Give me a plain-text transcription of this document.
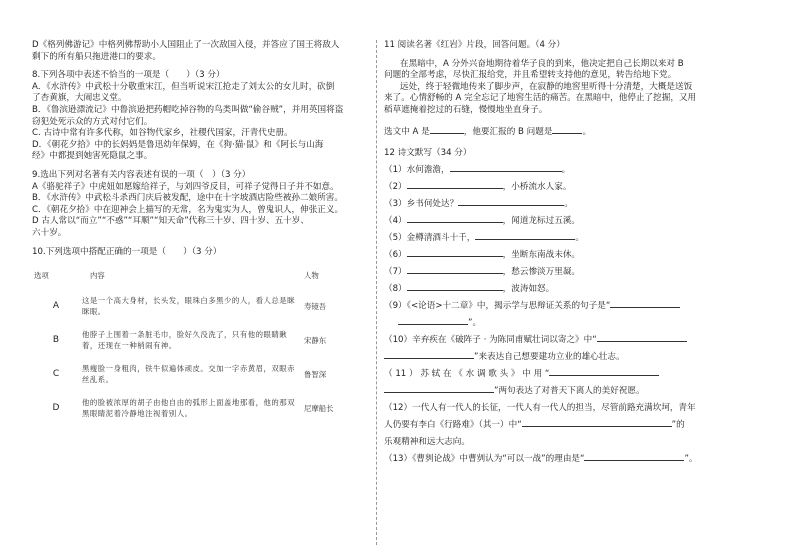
D《格列佛游记》中格列佛帮助小人国阻止了一次敌国入侵，并答应了国王将敌人

剩下的所有船只拖进港口的要求。

8.下列各项中表述不恰当的一项是（　　）（3 分）

A．《水浒传》中武松十分敬重宋江，但当听说宋江抢走了刘太公的女儿时，砍倒

了杏黄旗，大闹忠义堂。

B．《鲁滨逊漂流记》中鲁滨逊把药帽吃掉谷物的鸟类叫做“偷谷贼”，并用英国将盗

窃犯处死示众的方式对付它们。

C. 古诗中常有许多代称，如谷物代家乡，社稷代国家，汗青代史册。

D．《朝花夕拾》中的长妈妈是鲁迅幼年保姆，在《狗·猫·鼠》和《阿长与山海

经》中都提到她害死隐鼠之事。

9.选出下列对名著有关内容表述有误的一项（　）（3 分）

A《骆驼祥子》中虎妞如愿嫁给祥子，与刘四爷反目，可祥子觉得日子并不如意。

B．《水浒传》中武松斗杀西门庆后被发配，途中在十字坡酒店险些被孙二娘所害。

C．《朝花夕拾》中在迎神会上描写的无常，名为鬼实为人，曾鬼识人，伸张正义。

D 古人常以“而立”“不惑”“耳顺”“知天命”代称三十岁、四十岁、五十岁、

六十岁。

10.下列选项中搭配正确的一项是（　　）（3 分）

选项	内容	人物
A	这是一个高大身材，长头发，眼珠白多黑少的人，看人总是眯眯眼。	寿镜吾
B	他脖子上围着一条脏毛巾，脸好久没洗了，只有他的眼睛瞅着，还现在一种梢闹有神。	宋静东
C	黑瘦脸一身粗肉，铁牛似遍体顽皮。交加一字赤黄眉，双眼赤丝乱系。	鲁智深
D	他的脸被浓厚的胡子由他自由的弧形上面盖地那看，他的那双黑眼睛泥着冷静地注视着别人。	尼摩船长

11 阅读名著《红岩》片段，回答问题。（4 分）

在黑暗中，A 分外兴奋地期待着华子良的到来，他决定把自己长期以来对 B

问题的全部考虑，尽快汇报给党，并且希望转支持他的意见，转告给地下党。

远处，终于轻微地传来了脚步声，在寂静的地窖里听得十分清楚，大概是送饭

来了。心情舒畅的 A 完全忘记了地窖生活的痛苦。在黑暗中，他停止了挖掘，又用

稻草遮掩着挖过的石缝，慢慢地坐直身子。

选文中 A 是	，他要汇报的 B 问题是	。

12 诗文默写（34 分）

（1）水何澹澹，	。

（2）	，小桥流水人家。

（3）乡书何处达？	。

（4）	，闻道龙标过五溪。

（5）金樽清酒斗十千，	。

（6）	，坐断东南战未休。

（7）	，愁云惨淡万里凝。

（8）	，波涛如怒。

（9）《<论语>十二章》中，揭示学与思辩证关系的句子是“

”。

（10）辛弃疾在《破阵子 · 为陈同甫赋壮词以寄之》中“

”来表达自己想要建功立业的雄心壮志。

（ 11 ） 苏 轼 在 《 水 调 歌 头 》 中 用 “

”两句表达了对普天下离人的美好祝愿。

（12）一代人有一代人的长征，一代人有一代人的担当，尽管前路充满坎坷，青年

人仍要有李白《行路难》（其一）中“	”的

乐观精神和远大志向。

（13）《曹刿论战》中曹刿认为“可以一战”的理由是“	”。
